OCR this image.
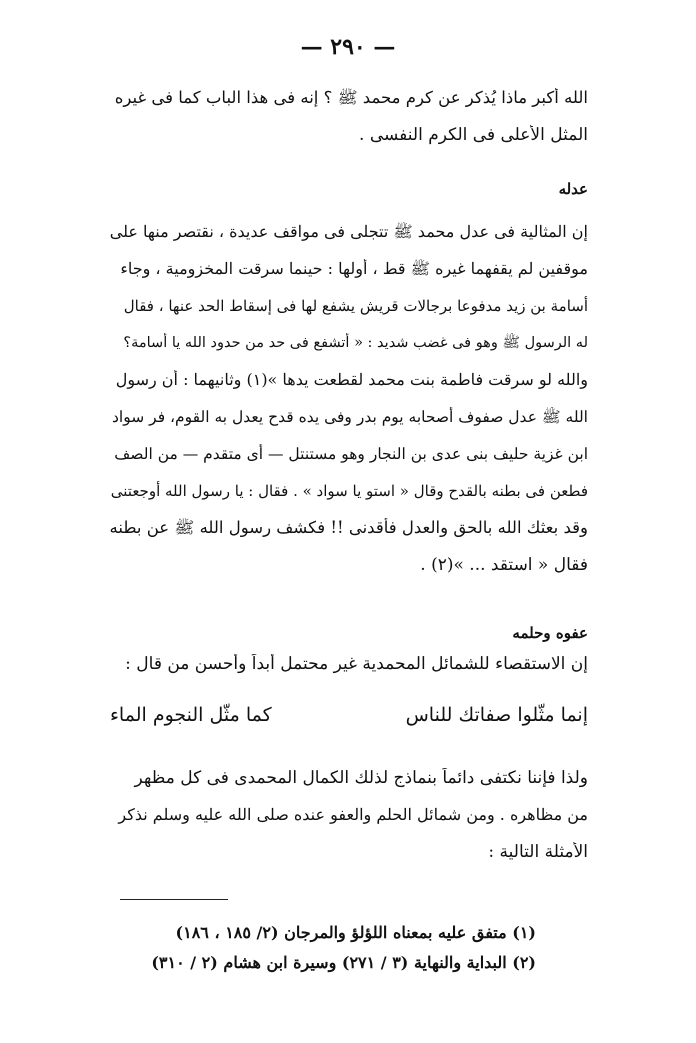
— ٢٩٠ —
الله أكبر ماذا يُذكر عن كرم محمد ﷺ ؟ إنه فى هذا الباب كما فى غيره
المثل الأعلى فى الكرم النفسى .
عدله
إن المثالية فى عدل محمد ﷺ تتجلى فى مواقف عديدة ، نقتصر منها على
موقفين لم يقفهما غيره ﷺ قط ، أولها : حينما سرقت المخزومية ، وجاء
أسامة بن زيد مدفوعا برجالات قريش يشفع لها فى إسقاط الحد عنها ، فقال
له الرسول ﷺ وهو فى غضب شديد : « أتشفع فى حد من حدود الله يا أسامة؟
والله لو سرقت فاطمة بنت محمد لقطعت يدها »(١) وثانيهما : أن رسول
الله ﷺ عدل صفوف أصحابه يوم بدر وفى يده قدح يعدل به القوم، فر سواد
ابن غزية حليف بنى عدى بن النجار وهو مستنتل — أى متقدم — من الصف
فطعن فى بطنه بالقدح وقال « استو يا سواد » . فقال : يا رسول الله أوجعتنى
وقد بعثك الله بالحق والعدل فأقدنى !! فكشف رسول الله ﷺ عن بطنه
فقال « استقد ... »(٢) .
عفوه وحلمه
إن الاستقصاء للشمائل المحمدية غير محتمل أبداً وأحسن من قال :
إنما مثّلوا صفاتك للناس
كما مثّل النجوم الماء
ولذا فإننا نكتفى دائماً بنماذج لذلك الكمال المحمدى فى كل مظهر
من مظاهره . ومن شمائل الحلم والعفو عنده صلى الله عليه وسلم نذكر
الأمثلة التالية :
(١) متفق عليه بمعناه اللؤلؤ والمرجان (٢/ ١٨٥ ، ١٨٦)
(٢) البداية والنهاية (٣ / ٢٧١) وسيرة ابن هشام (٢ / ٣١٠)
